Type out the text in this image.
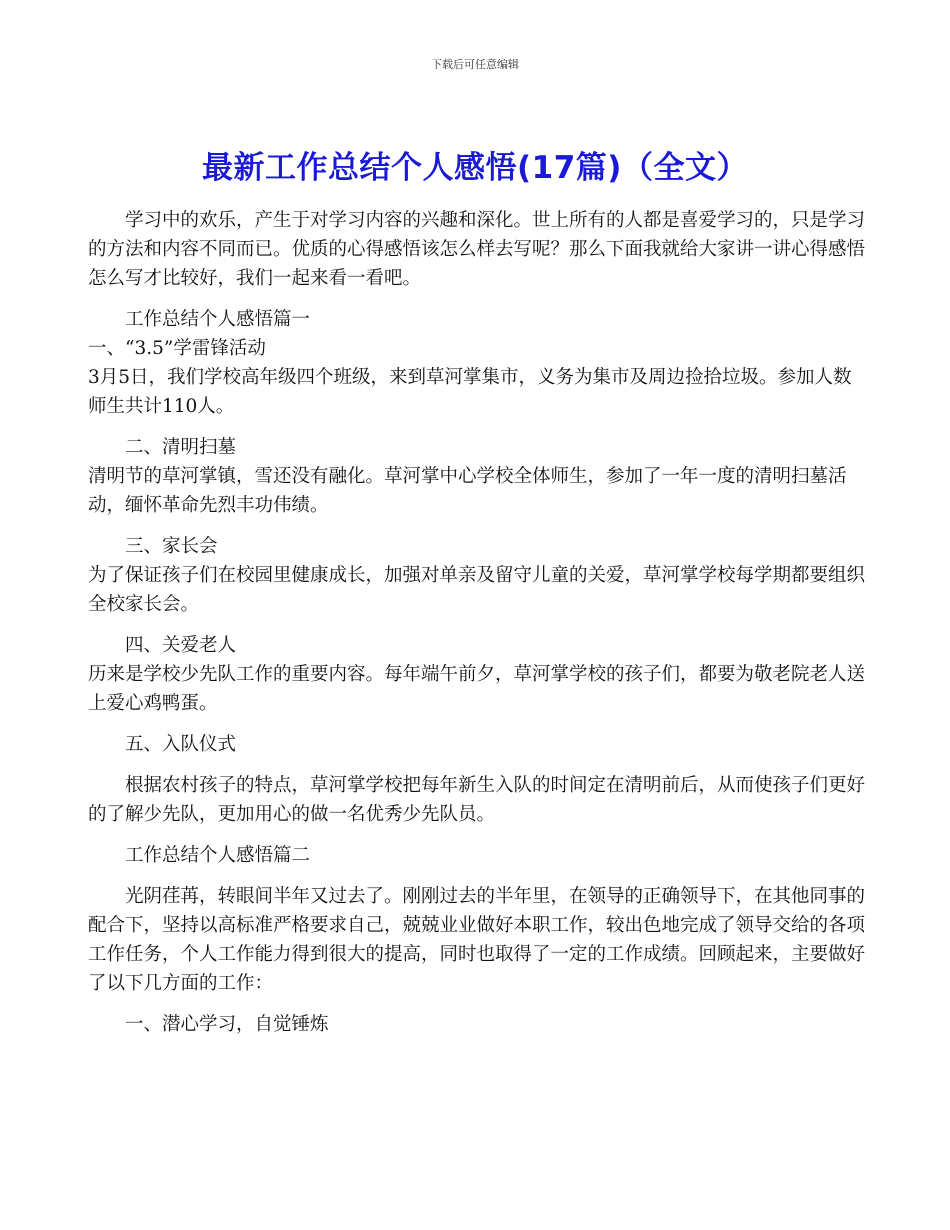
下载后可任意编辑
最新工作总结个人感悟(17篇)（全文）

学习中的欢乐，产生于对学习内容的兴趣和深化。世上所有的人都是喜爱学习的，只是学习的方法和内容不同而已。优质的心得感悟该怎么样去写呢？那么下面我就给大家讲一讲心得感悟怎么写才比较好，我们一起来看一看吧。

工作总结个人感悟篇一

一、“3.5”学雷锋活动

3月5日，我们学校高年级四个班级，来到草河掌集市，义务为集市及周边捡拾垃圾。参加人数师生共计110人。

二、清明扫墓

清明节的草河掌镇，雪还没有融化。草河掌中心学校全体师生，参加了一年一度的清明扫墓活动，缅怀革命先烈丰功伟绩。

三、家长会

为了保证孩子们在校园里健康成长，加强对单亲及留守儿童的关爱，草河掌学校每学期都要组织全校家长会。

四、关爱老人

历来是学校少先队工作的重要内容。每年端午前夕，草河掌学校的孩子们，都要为敬老院老人送上爱心鸡鸭蛋。

五、入队仪式

根据农村孩子的特点，草河掌学校把每年新生入队的时间定在清明前后，从而使孩子们更好的了解少先队，更加用心的做一名优秀少先队员。

工作总结个人感悟篇二

光阴荏苒，转眼间半年又过去了。刚刚过去的半年里，在领导的正确领导下，在其他同事的配合下，坚持以高标准严格要求自己，兢兢业业做好本职工作，较出色地完成了领导交给的各项工作任务，个人工作能力得到很大的提高，同时也取得了一定的工作成绩。回顾起来，主要做好了以下几方面的工作：

一、潜心学习，自觉锤炼
